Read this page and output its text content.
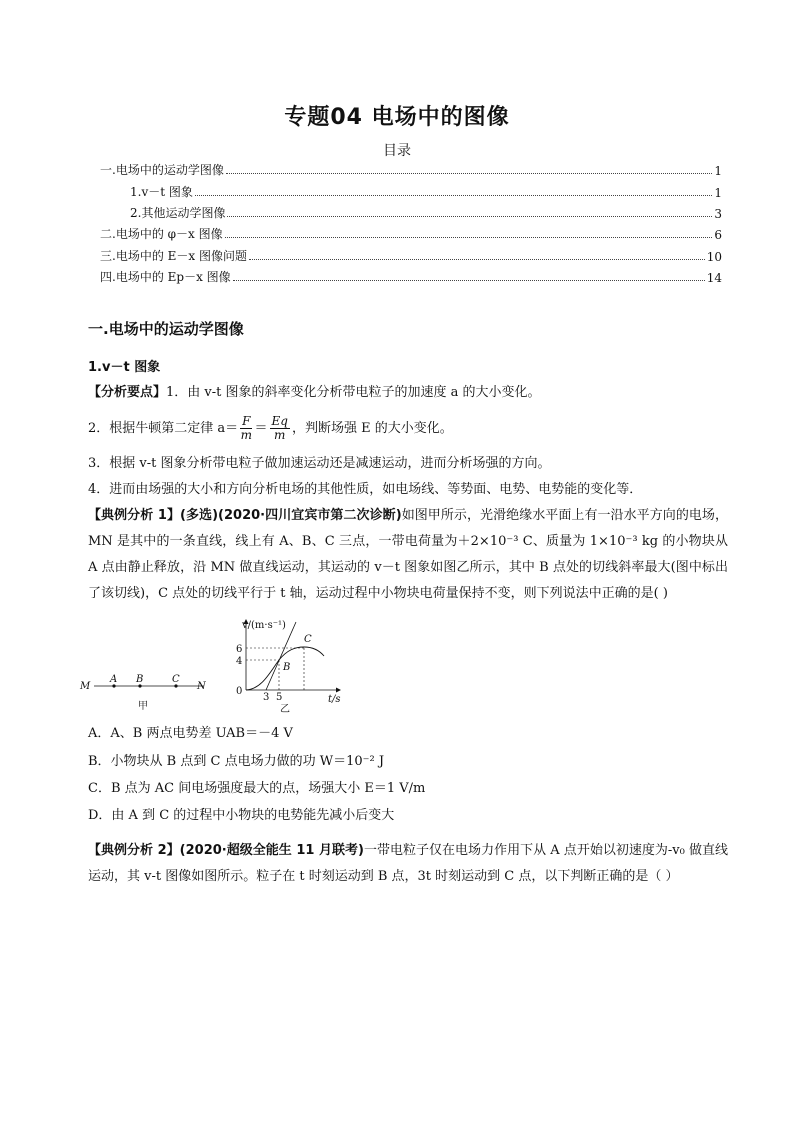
专题04 电场中的图像
目录
一.电场中的运动学图像	1
1.v－t 图象	1
2.其他运动学图像	3
二.电场中的 φ－x 图像	6
三.电场中的 E－x 图像问题	10
四.电场中的 Ep－x 图像	14
一.电场中的运动学图像
1.v－t 图象
【分析要点】1．由 v-t 图象的斜率变化分析带电粒子的加速度 a 的大小变化。
2．根据牛顿第二定律 $a= \frac{F}{m} = \frac{Eq}{m}$ ，判断场强 E 的大小变化。
3．根据 v-t 图象分析带电粒子做加速运动还是减速运动，进而分析场强的方向。
4．进而由场强的大小和方向分析电场的其他性质，如电场线、等势面、电势、电势能的变化等．
【典例分析 1】(多选)(2020·四川宜宾市第二次诊断)如图甲所示，光滑绝缘水平面上有一沿水平方向的电场，MN 是其中的一条直线，线上有 A、B、C 三点，一带电荷量为＋2×10⁻³ C、质量为 1×10⁻³ kg 的小物块从 A 点由静止释放，沿 MN 做直线运动，其运动的 v－t 图象如图乙所示，其中 B 点处的切线斜率最大(图中标出了该切线)，C 点处的切线平行于 t 轴，运动过程中小物块电荷量保持不变，则下列说法中正确的是( )
M
A B	C
N
甲
v/(m·s⁻¹)
t/s
0
6
4
3 5
B
C
乙
A．A、B 两点电势差 UAB＝－4 V
B．小物块从 B 点到 C 点电场力做的功 W＝10⁻² J
C．B 点为 AC 间电场强度最大的点，场强大小 E＝1 V/m
D．由 A 到 C 的过程中小物块的电势能先减小后变大
【典例分析 2】(2020·超级全能生 11 月联考)一带电粒子仅在电场力作用下从 A 点开始以初速度为-v₀ 做直线运动，其 v-t 图像如图所示。粒子在 t 时刻运动到 B 点，3t 时刻运动到 C 点，以下判断正确的是（ ）
